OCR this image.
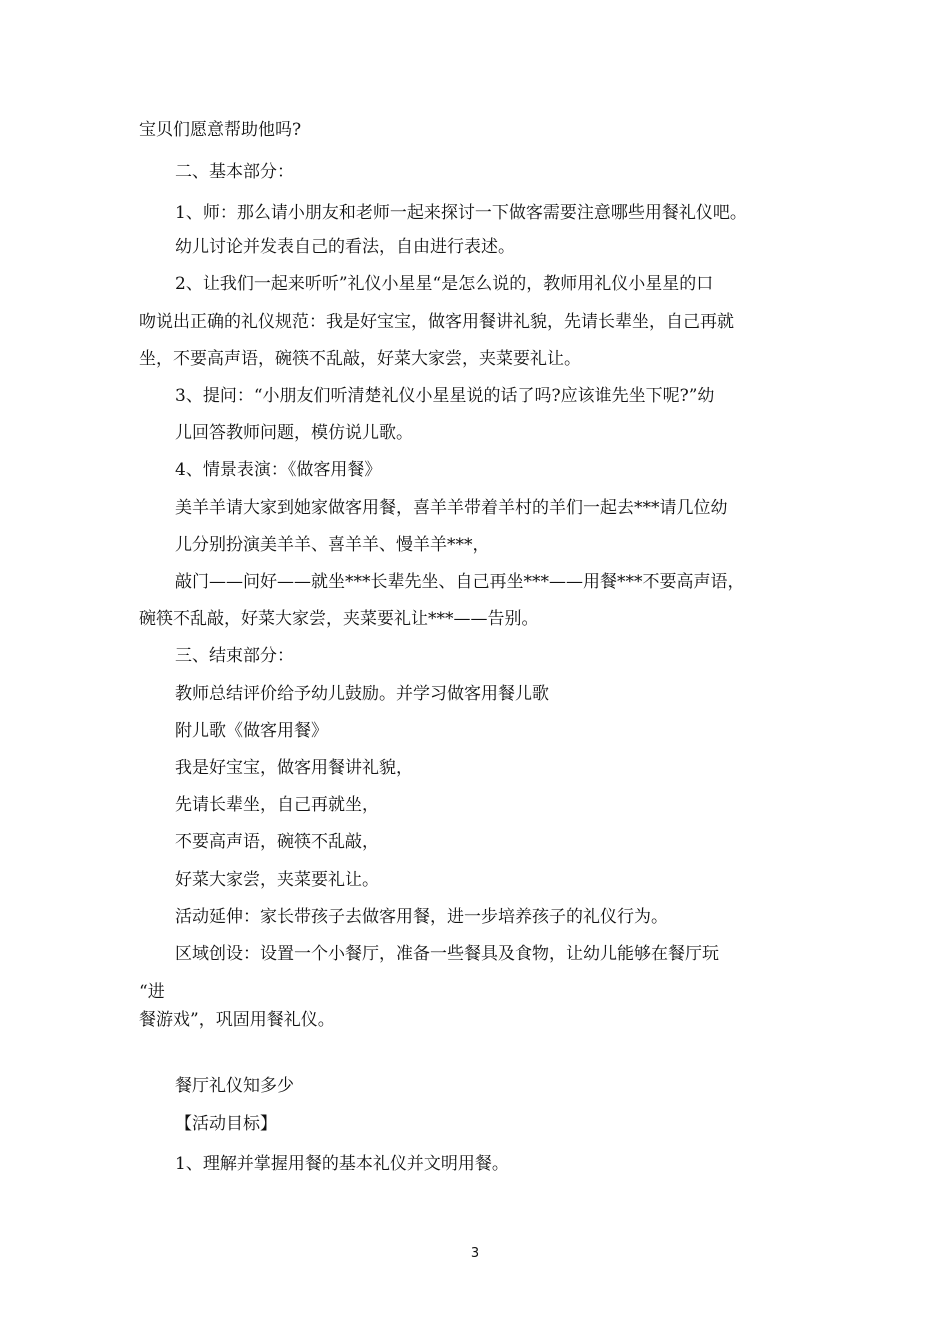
宝贝们愿意帮助他吗?
二、基本部分：
1、师：那么请小朋友和老师一起来探讨一下做客需要注意哪些用餐礼仪吧。
幼儿讨论并发表自己的看法，自由进行表述。
2、让我们一起来听听”礼仪小星星“是怎么说的，教师用礼仪小星星的口
吻说出正确的礼仪规范：我是好宝宝，做客用餐讲礼貌，先请长辈坐，自己再就
坐，不要高声语，碗筷不乱敲，好菜大家尝，夹菜要礼让。
3、提问：“小朋友们听清楚礼仪小星星说的话了吗?应该谁先坐下呢?”幼
儿回答教师问题，模仿说儿歌。
4、情景表演：《做客用餐》
美羊羊请大家到她家做客用餐，喜羊羊带着羊村的羊们一起去***请几位幼
儿分别扮演美羊羊、喜羊羊、慢羊羊***，
敲门——问好——就坐***长辈先坐、自己再坐***——用餐***不要高声语，
碗筷不乱敲，好菜大家尝，夹菜要礼让***——告别。
三、结束部分：
教师总结评价给予幼儿鼓励。并学习做客用餐儿歌
附儿歌《做客用餐》
我是好宝宝，做客用餐讲礼貌，
先请长辈坐，自己再就坐，
不要高声语，碗筷不乱敲，
好菜大家尝，夹菜要礼让。
活动延伸：家长带孩子去做客用餐，进一步培养孩子的礼仪行为。
区域创设：设置一个小餐厅，准备一些餐具及食物，让幼儿能够在餐厅玩
“进
餐游戏”，巩固用餐礼仪。
餐厅礼仪知多少
【活动目标】
1、理解并掌握用餐的基本礼仪并文明用餐。
3
